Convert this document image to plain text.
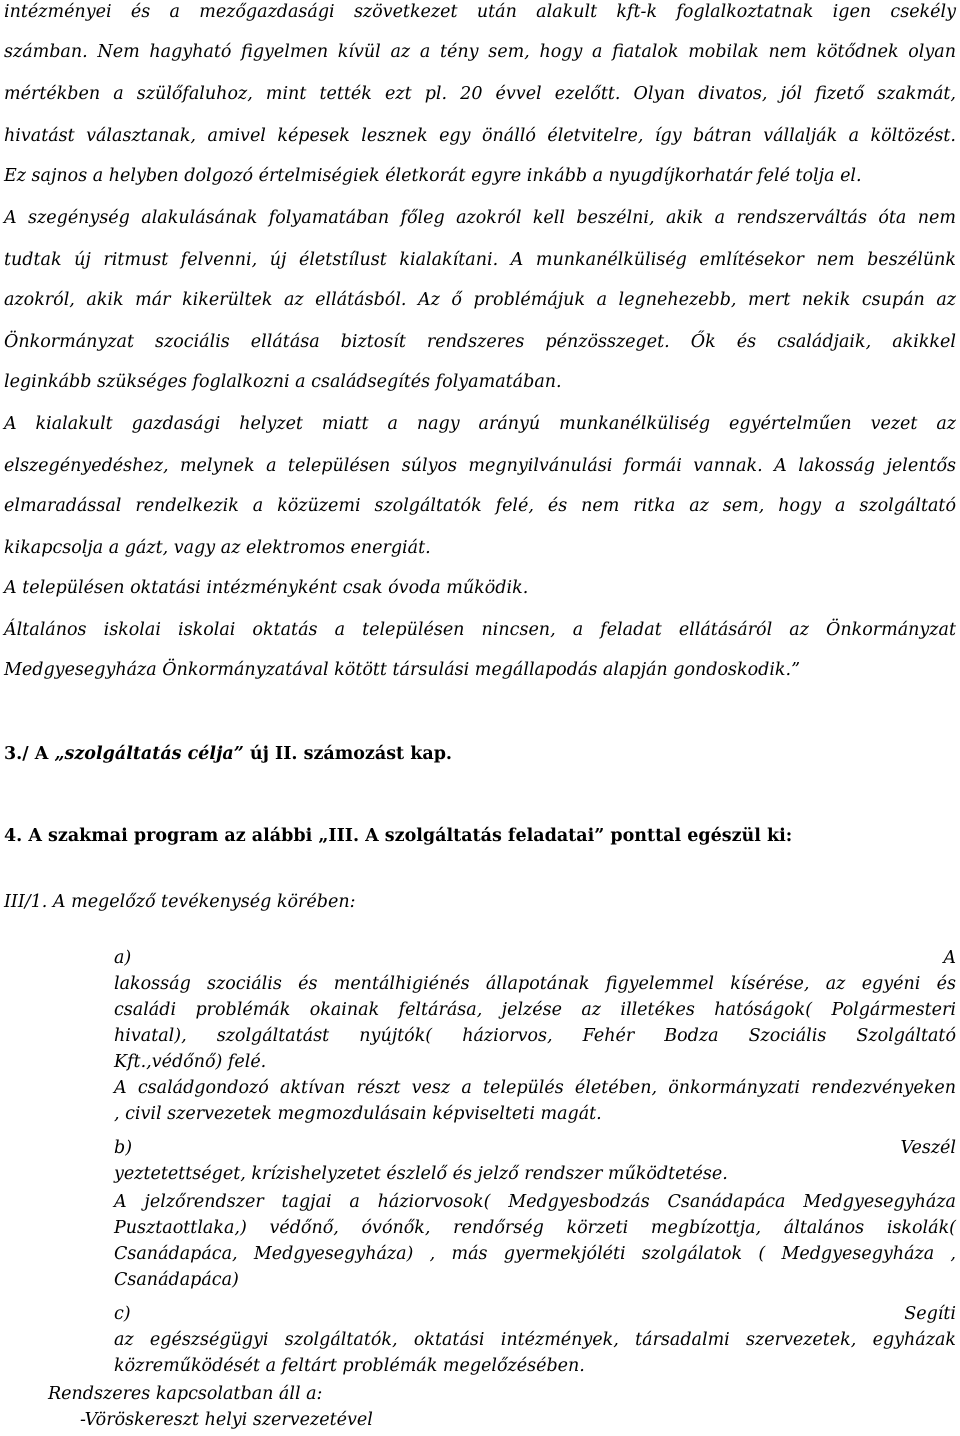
intézményei és a mezőgazdasági szövetkezet után alakult kft-k foglalkoztatnak igen csekély
számban. Nem hagyható figyelmen kívül az a tény sem, hogy a fiatalok mobilak nem kötődnek olyan
mértékben a szülőfaluhoz, mint tették ezt pl. 20 évvel ezelőtt. Olyan divatos, jól fizető szakmát,
hivatást választanak, amivel képesek lesznek egy önálló életvitelre, így bátran vállalják a költözést.
Ez sajnos a helyben dolgozó értelmiségiek életkorát egyre inkább a nyugdíjkorhatár felé tolja el.
A szegénység alakulásának folyamatában főleg azokról kell beszélni, akik a rendszerváltás óta nem
tudtak új ritmust felvenni, új életstílust kialakítani. A munkanélküliség említésekor nem beszélünk
azokról, akik már kikerültek az ellátásból. Az ő problémájuk a legnehezebb, mert nekik csupán az
Önkormányzat szociális ellátása biztosít rendszeres pénzösszeget. Ők és családjaik, akikkel
leginkább szükséges foglalkozni a családsegítés folyamatában.
A kialakult gazdasági helyzet miatt a nagy arányú munkanélküliség egyértelműen vezet az
elszegényedéshez, melynek a településen súlyos megnyilvánulási formái vannak. A lakosság jelentős
elmaradással rendelkezik a közüzemi szolgáltatók felé, és nem ritka az sem, hogy a szolgáltató
kikapcsolja a gázt, vagy az elektromos energiát.
A településen oktatási intézményként csak óvoda működik.
Általános iskolai iskolai oktatás a településen nincsen, a feladat ellátásáról az Önkormányzat
Medgyesegyháza Önkormányzatával kötött társulási megállapodás alapján gondoskodik.”
3./ A „szolgáltatás célja” új II. számozást kap.
4. A szakmai program az alábbi „III. A szolgáltatás feladatai” ponttal egészül ki:
III/1. A megelőző tevékenység körében:
a)	A
lakosság szociális és mentálhigiénés állapotának figyelemmel kísérése, az egyéni és
családi problémák okainak feltárása, jelzése az illetékes hatóságok( Polgármesteri
hivatal), szolgáltatást nyújtók( háziorvos, Fehér Bodza Szociális Szolgáltató
Kft.,védőnő) felé.
A családgondozó aktívan részt vesz a település életében, önkormányzati rendezvényeken
, civil szervezetek megmozdulásain képviselteti magát.
b)	Veszél
yeztetettséget, krízishelyzetet észlelő és jelző rendszer működtetése.
A jelzőrendszer tagjai a háziorvosok( Medgyesbodzás Csanádapáca Medgyesegyháza
Pusztaottlaka,) védőnő, óvónők, rendőrség körzeti megbízottja, általános iskolák(
Csanádapáca, Medgyesegyháza) , más gyermekjóléti szolgálatok ( Medgyesegyháza ,
Csanádapáca)
c)	Segíti
az egészségügyi szolgáltatók, oktatási intézmények, társadalmi szervezetek, egyházak
közreműködését a feltárt problémák megelőzésében.
Rendszeres kapcsolatban áll a:
-Vöröskereszt helyi szervezetével
